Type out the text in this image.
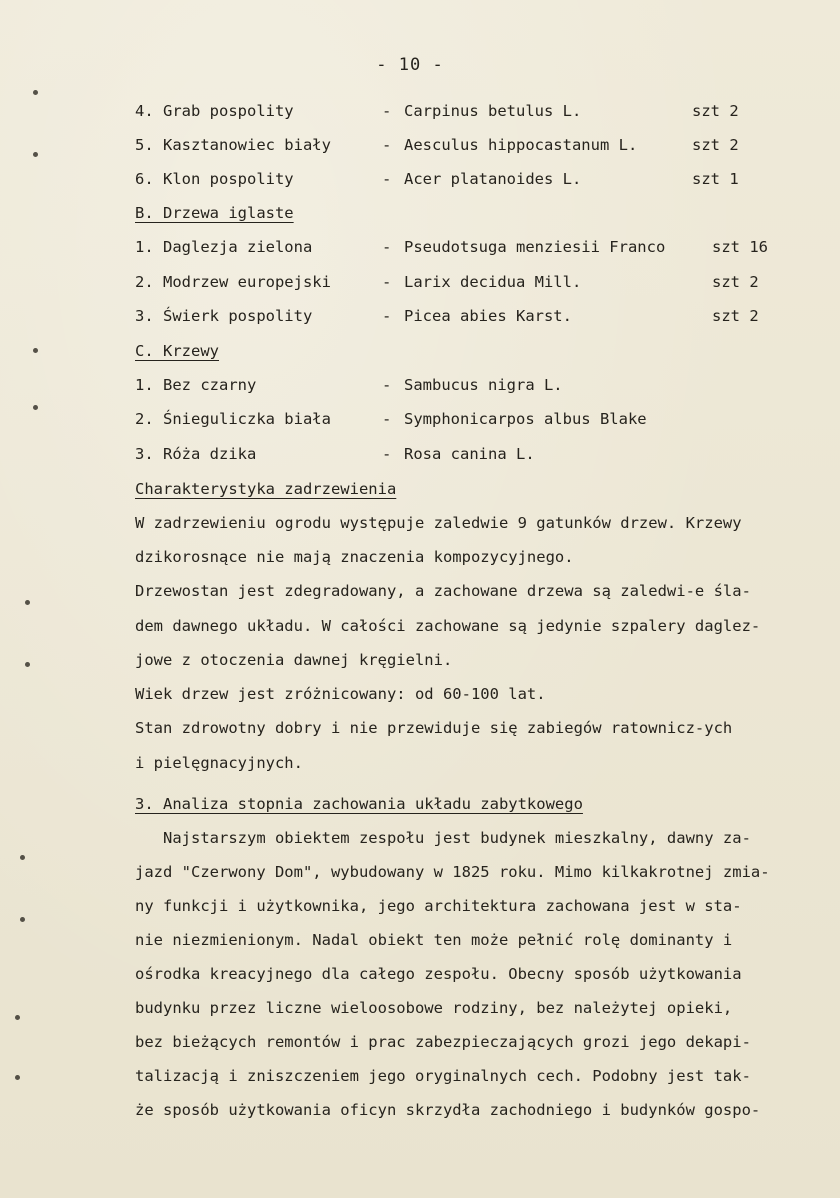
- 10 -
4. Grab pospolity	- Carpinus betulus L.	szt 2
5. Kasztanowiec biały	- Aesculus hippocastanum L.	szt 2
6. Klon pospolity	- Acer platanoides L.	szt 1
B. Drzewa iglaste
1. Daglezja zielona	- Pseudotsuga menziesii Franco	szt 16
2. Modrzew europejski	- Larix decidua Mill.	szt 2
3. Świerk pospolity	- Picea abies Karst.	szt 2
C. Krzewy
1. Bez czarny	- Sambucus nigra L.
2. Śnieguliczka biała	- Symphonicarpos albus Blake
3. Róża dzika	- Rosa canina L.
Charakterystyka zadrzewienia
W zadrzewieniu ogrodu występuje zaledwie 9 gatunków drzew. Krzewy
dzikorosnące nie mają znaczenia kompozycyjnego.
Drzewostan jest zdegradowany, a zachowane drzewa są zaledwi-e śla-
dem dawnego układu. W całości zachowane są jedynie szpalery daglez-
jowe z otoczenia dawnej kręgielni.
Wiek drzew jest zróżnicowany: od 60-100 lat.
Stan zdrowotny dobry i nie przewiduje się zabiegów ratownicz-ych
i pielęgnacyjnych.
3. Analiza stopnia zachowania układu zabytkowego
Najstarszym obiektem zespołu jest budynek mieszkalny, dawny za-
jazd "Czerwony Dom", wybudowany w 1825 roku. Mimo kilkakrotnej zmia-
ny funkcji i użytkownika, jego architektura zachowana jest w sta-
nie niezmienionym. Nadal obiekt ten może pełnić rolę dominanty i
ośrodka kreacyjnego dla całego zespołu. Obecny sposób użytkowania
budynku przez liczne wieloosobowe rodziny, bez należytej opieki,
bez bieżących remontów i prac zabezpieczających grozi jego dekapi-
talizacją i zniszczeniem jego oryginalnych cech. Podobny jest tak-
że sposób użytkowania oficyn skrzydła zachodniego i budynków gospo-
